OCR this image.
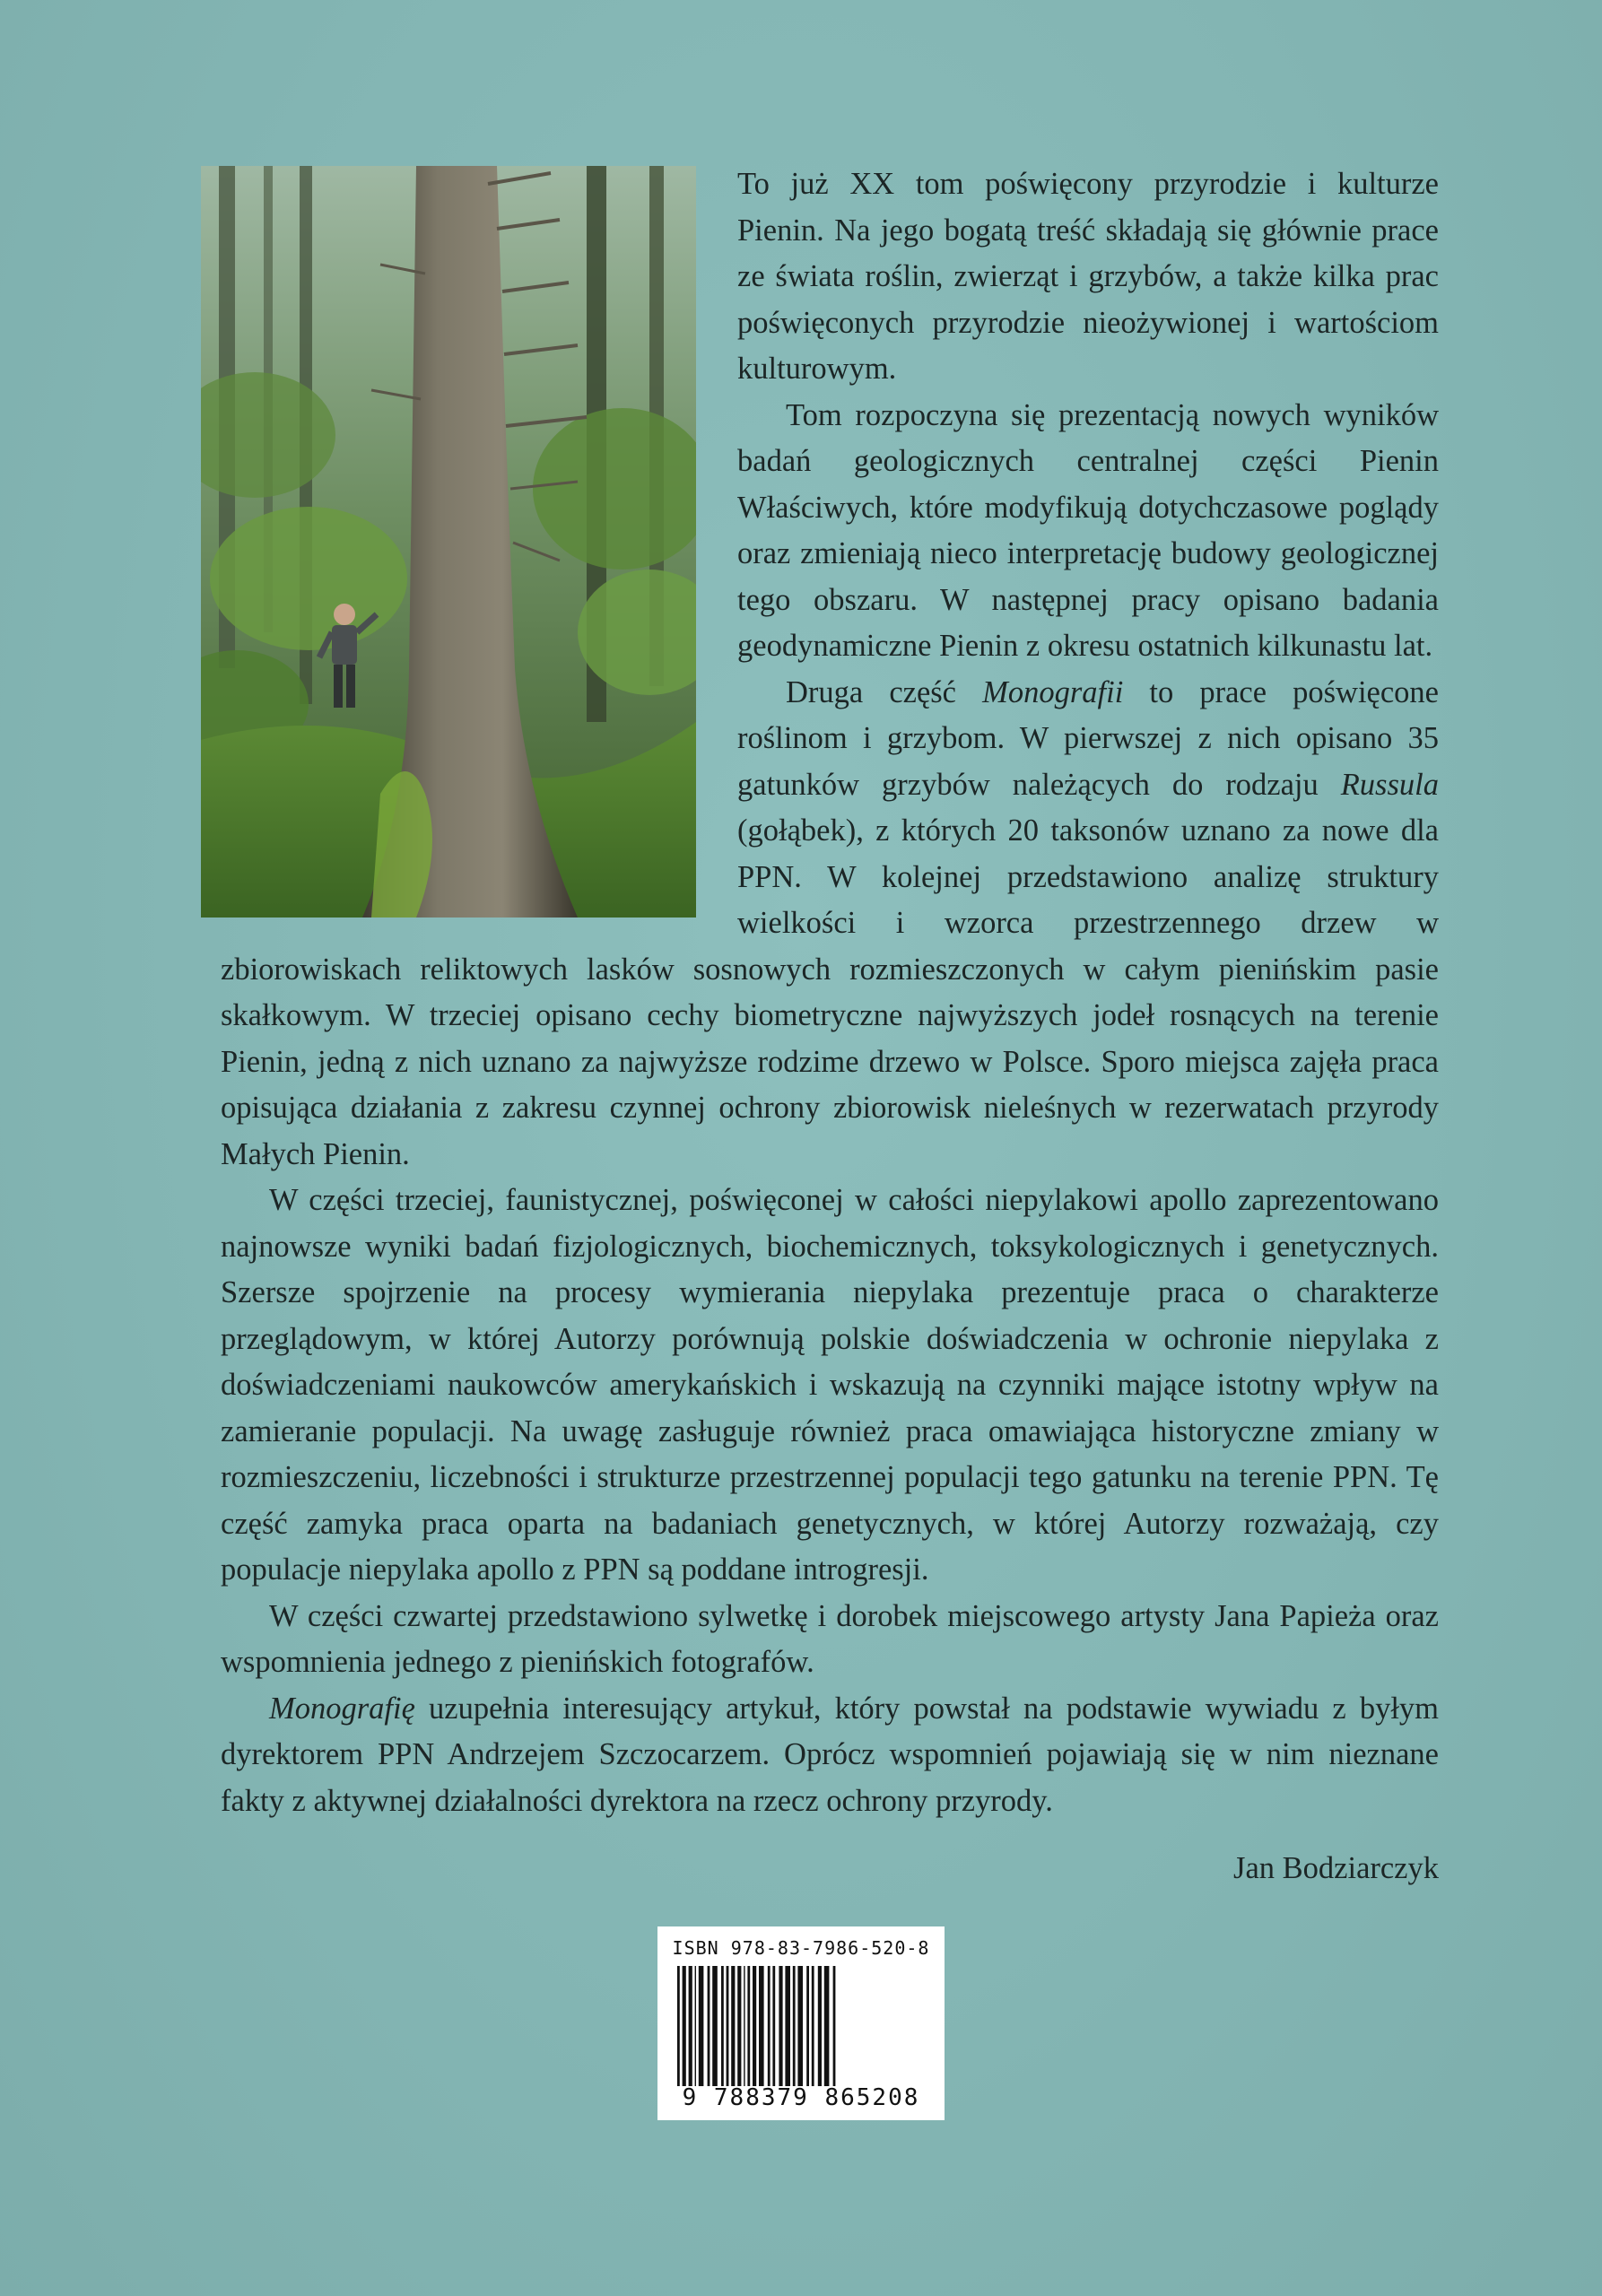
To już XX tom poświęcony przyrodzie i kulturze Pienin. Na jego bogatą treść składają się głównie prace ze świata roślin, zwierząt i grzybów, a także kilka prac poświęconych przyrodzie nieożywionej i wartościom kulturowym.

Tom rozpoczyna się prezentacją nowych wyników badań geologicznych centralnej części Pienin Właściwych, które modyfikują dotychczasowe poglądy oraz zmieniają nieco interpretację budowy geologicznej tego obszaru. W następnej pracy opisano badania geodynamiczne Pienin z okresu ostatnich kilkunastu lat.

Druga część Monografii to prace poświęcone roślinom i grzybom. W pierwszej z nich opisano 35 gatunków grzybów należących do rodzaju Russula (gołąbek), z których 20 taksonów uznano za nowe dla PPN. W kolejnej przedstawiono analizę struktury wielkości i wzorca przestrzennego drzew w zbiorowiskach reliktowych lasków sosnowych rozmieszczonych w całym pienińskim pasie skałkowym. W trzeciej opisano cechy biometryczne najwyższych jodeł rosnących na terenie Pienin, jedną z nich uznano za najwyższe rodzime drzewo w Polsce. Sporo miejsca zajęła praca opisująca działania z zakresu czynnej ochrony zbiorowisk nieleśnych w rezerwatach przyrody Małych Pienin.

W części trzeciej, faunistycznej, poświęconej w całości niepylakowi apollo zaprezentowano najnowsze wyniki badań fizjologicznych, biochemicznych, toksykologicznych i genetycznych. Szersze spojrzenie na procesy wymierania niepylaka prezentuje praca o charakterze przeglądowym, w której Autorzy porównują polskie doświadczenia w ochronie niepylaka z doświadczeniami naukowców amerykańskich i wskazują na czynniki mające istotny wpływ na zamieranie populacji. Na uwagę zasługuje również praca omawiająca historyczne zmiany w rozmieszczeniu, liczebności i strukturze przestrzennej populacji tego gatunku na terenie PPN. Tę część zamyka praca oparta na badaniach genetycznych, w której Autorzy rozważają, czy populacje niepylaka apollo z PPN są poddane introgresji.

W części czwartej przedstawiono sylwetkę i dorobek miejscowego artysty Jana Papieża oraz wspomnienia jednego z pienińskich fotografów.

Monografię uzupełnia interesujący artykuł, który powstał na podstawie wywiadu z byłym dyrektorem PPN Andrzejem Szczocarzem. Oprócz wspomnień pojawiają się w nim nieznane fakty z aktywnej działalności dyrektora na rzecz ochrony przyrody.

Jan Bodziarczyk

ISBN 978-83-7986-520-8
9 788379 865208
